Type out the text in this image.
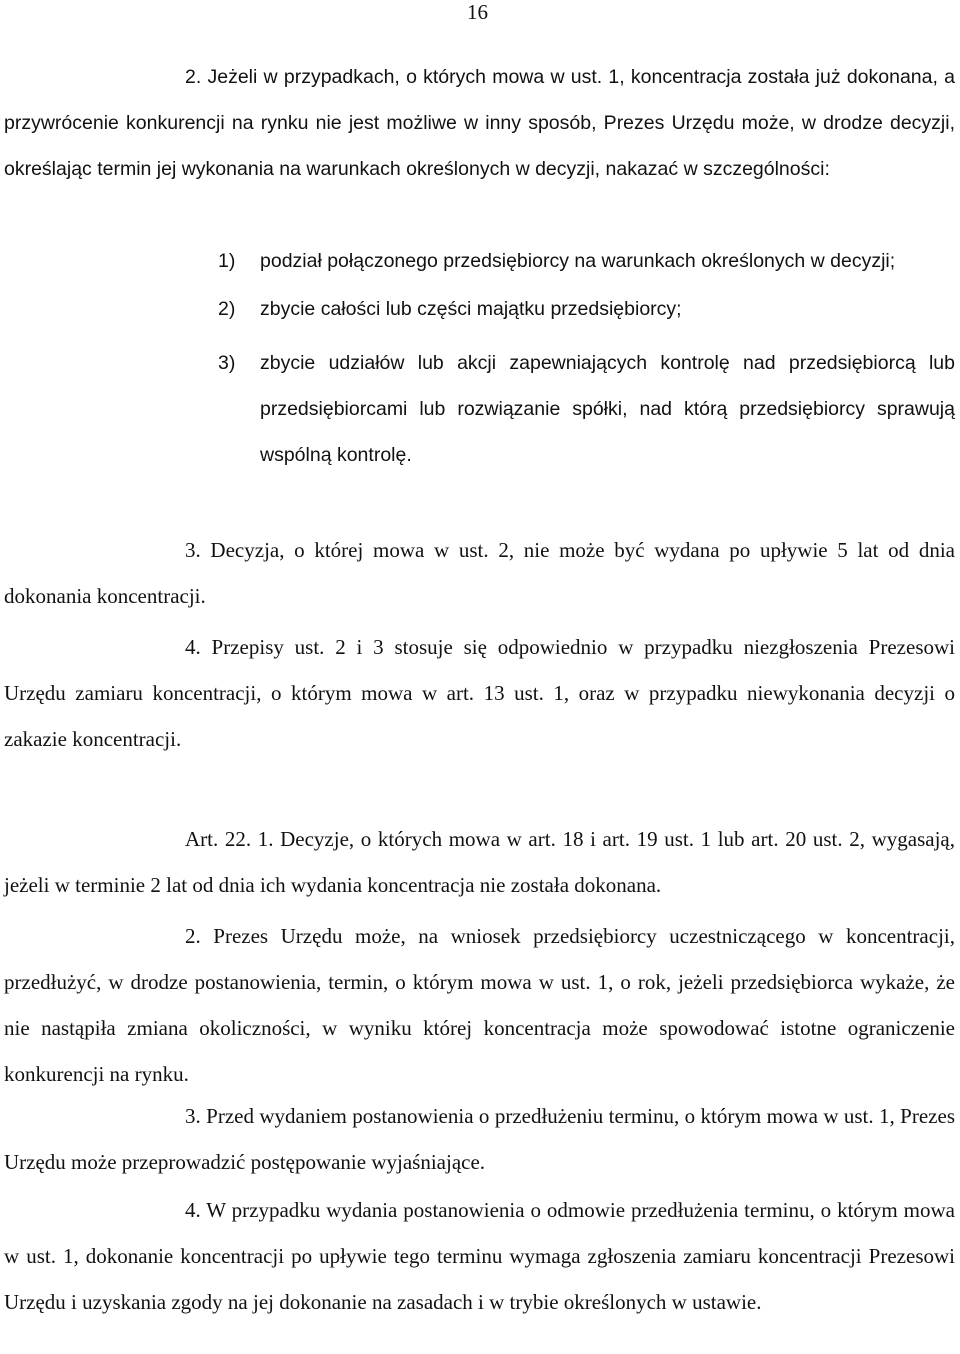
16

2. Jeżeli w przypadkach, o których mowa w ust. 1, koncentracja została już dokonana, a przywrócenie konkurencji na rynku nie jest możliwe w inny sposób, Prezes Urzędu może, w drodze decyzji, określając termin jej wykonania na warunkach określonych w decyzji, nakazać w szczególności:

1) podział połączonego przedsiębiorcy na warunkach określonych w decyzji;
2) zbycie całości lub części majątku przedsiębiorcy;
3) zbycie udziałów lub akcji zapewniających kontrolę nad przedsiębiorcą lub przedsiębiorcami lub rozwiązanie spółki, nad którą przedsiębiorcy sprawują wspólną kontrolę.

3. Decyzja, o której mowa w ust. 2, nie może być wydana po upływie 5 lat od dnia dokonania koncentracji.

4. Przepisy ust. 2 i 3 stosuje się odpowiednio w przypadku niezgłoszenia Prezesowi Urzędu zamiaru koncentracji, o którym mowa w art. 13 ust. 1, oraz w przypadku niewykonania decyzji o zakazie koncentracji.

Art. 22. 1. Decyzje, o których mowa w art. 18 i art. 19 ust. 1 lub art. 20 ust. 2, wygasają, jeżeli w terminie 2 lat od dnia ich wydania koncentracja nie została dokonana.

2. Prezes Urzędu może, na wniosek przedsiębiorcy uczestniczącego w koncentracji, przedłużyć, w drodze postanowienia, termin, o którym mowa w ust. 1, o rok, jeżeli przedsiębiorca wykaże, że nie nastąpiła zmiana okoliczności, w wyniku której koncentracja może spowodować istotne ograniczenie konkurencji na rynku.

3. Przed wydaniem postanowienia o przedłużeniu terminu, o którym mowa w ust. 1, Prezes Urzędu może przeprowadzić postępowanie wyjaśniające.

4. W przypadku wydania postanowienia o odmowie przedłużenia terminu, o którym mowa w ust. 1, dokonanie koncentracji po upływie tego terminu wymaga zgłoszenia zamiaru koncentracji Prezesowi Urzędu i uzyskania zgody na jej dokonanie na zasadach i w trybie określonych w ustawie.
